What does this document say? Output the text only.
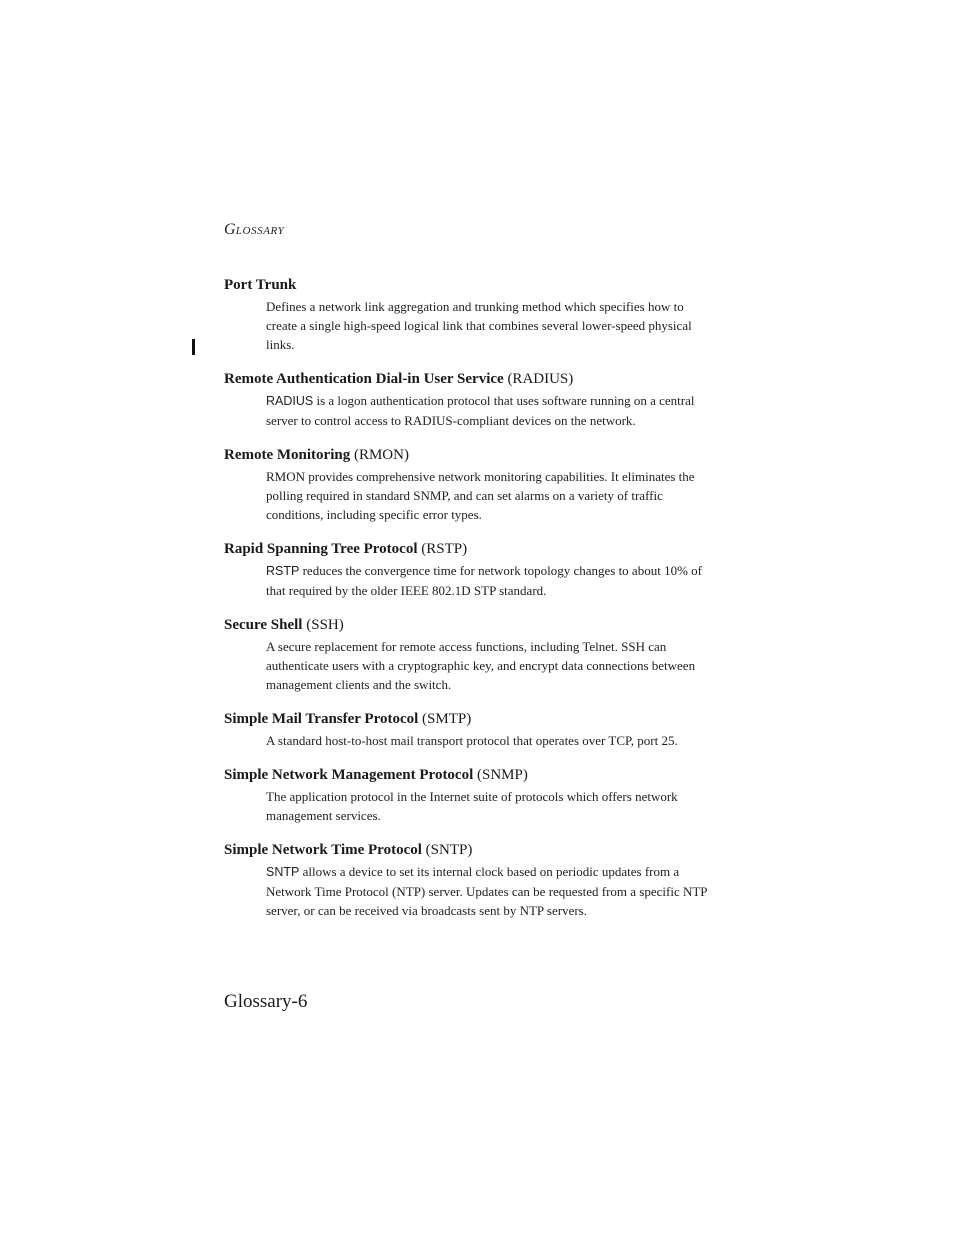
GLOSSARY

Port Trunk

Defines a network link aggregation and trunking method which specifies how to create a single high-speed logical link that combines several lower-speed physical links.

Remote Authentication Dial-in User Service (RADIUS)

RADIUS is a logon authentication protocol that uses software running on a central server to control access to RADIUS-compliant devices on the network.

Remote Monitoring (RMON)

RMON provides comprehensive network monitoring capabilities. It eliminates the polling required in standard SNMP, and can set alarms on a variety of traffic conditions, including specific error types.

Rapid Spanning Tree Protocol (RSTP)

RSTP reduces the convergence time for network topology changes to about 10% of that required by the older IEEE 802.1D STP standard.

Secure Shell (SSH)

A secure replacement for remote access functions, including Telnet. SSH can authenticate users with a cryptographic key, and encrypt data connections between management clients and the switch.

Simple Mail Transfer Protocol (SMTP)

A standard host-to-host mail transport protocol that operates over TCP, port 25.

Simple Network Management Protocol (SNMP)

The application protocol in the Internet suite of protocols which offers network management services.

Simple Network Time Protocol (SNTP)

SNTP allows a device to set its internal clock based on periodic updates from a Network Time Protocol (NTP) server. Updates can be requested from a specific NTP server, or can be received via broadcasts sent by NTP servers.

Glossary-6
